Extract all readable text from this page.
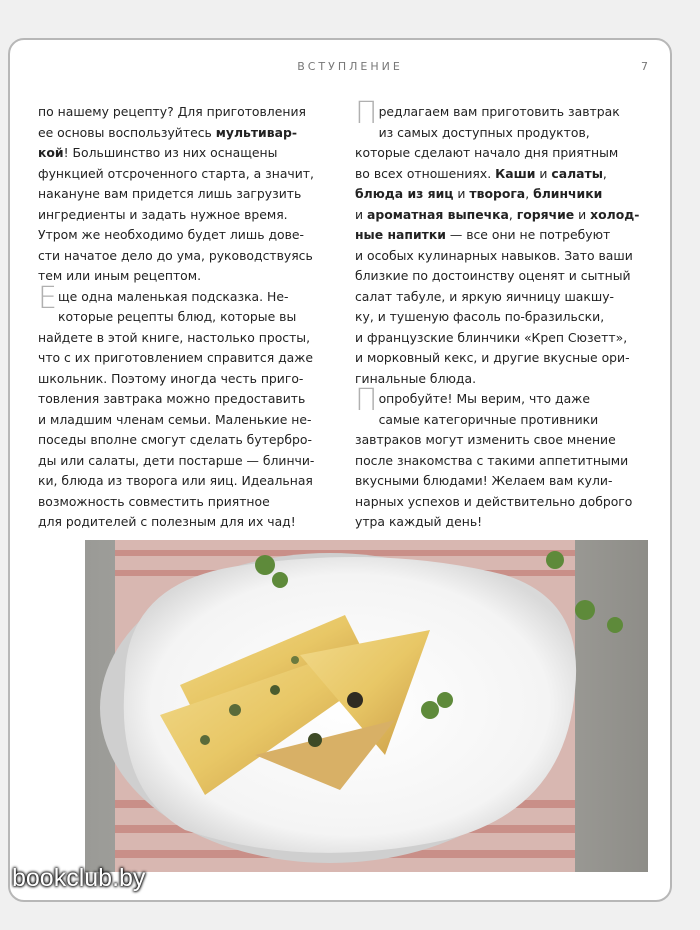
ВСТУПЛЕНИЕ	7
по нашему рецепту? Для приготовления
ее основы воспользуйтесь мультивар-
кой! Большинство из них оснащены
функцией отсроченного старта, а значит,
накануне вам придется лишь загрузить
ингредиенты и задать нужное время.
Утром же необходимо будет лишь дове-
сти начатое дело до ума, руководствуясь
тем или иным рецептом.
Еще одна маленькая подсказка. Не-
которые рецепты блюд, которые вы
найдете в этой книге, настолько просты,
что с их приготовлением справится даже
школьник. Поэтому иногда честь приго-
товления завтрака можно предоставить
и младшим членам семьи. Маленькие не-
поседы вполне смогут сделать бутербро-
ды или салаты, дети постарше — блинчи-
ки, блюда из творога или яиц. Идеальная
возможность совместить приятное
для родителей с полезным для их чад!
Предлагаем вам приготовить завтрак
из самых доступных продуктов,
которые сделают начало дня приятным
во всех отношениях. Каши и салаты,
блюда из яиц и творога, блинчики
и ароматная выпечка, горячие и холод-
ные напитки — все они не потребуют
и особых кулинарных навыков. Зато ваши
близкие по достоинству оценят и сытный
салат табуле, и яркую яичницу шакшу-
ку, и тушеную фасоль по-бразильски,
и французские блинчики «Креп Сюзетт»,
и морковный кекс, и другие вкусные ори-
гинальные блюда.
Попробуйте! Мы верим, что даже
самые категоричные противники
завтраков могут изменить свое мнение
после знакомства с такими аппетитными
вкусными блюдами! Желаем вам кули-
нарных успехов и действительно доброго
утра каждый день!
bookclub.by
